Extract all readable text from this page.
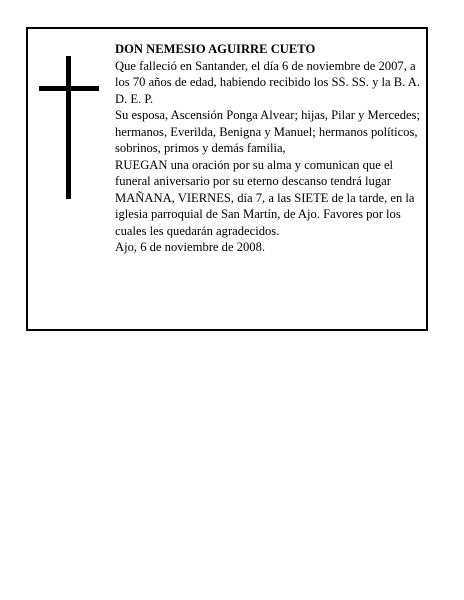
DON NEMESIO AGUIRRE CUETO

Que falleció en Santander, el día 6 de noviembre de 2007, a los 70 años de edad, habiendo recibido los SS. SS. y la B. A.

D. E. P.

Su esposa, Ascensión Ponga Alvear; hijas, Pilar y Mercedes; hermanos, Everilda, Benigna y Manuel; hermanos políticos, sobrinos, primos y demás familia,

RUEGAN una oración por su alma y comunican que el funeral aniversario por su eterno descanso tendrá lugar MAÑANA, VIERNES, día 7, a las SIETE de la tarde, en la iglesia parroquial de San Martín, de Ajo. Favores por los cuales les quedarán agradecidos.

Ajo, 6 de noviembre de 2008.
